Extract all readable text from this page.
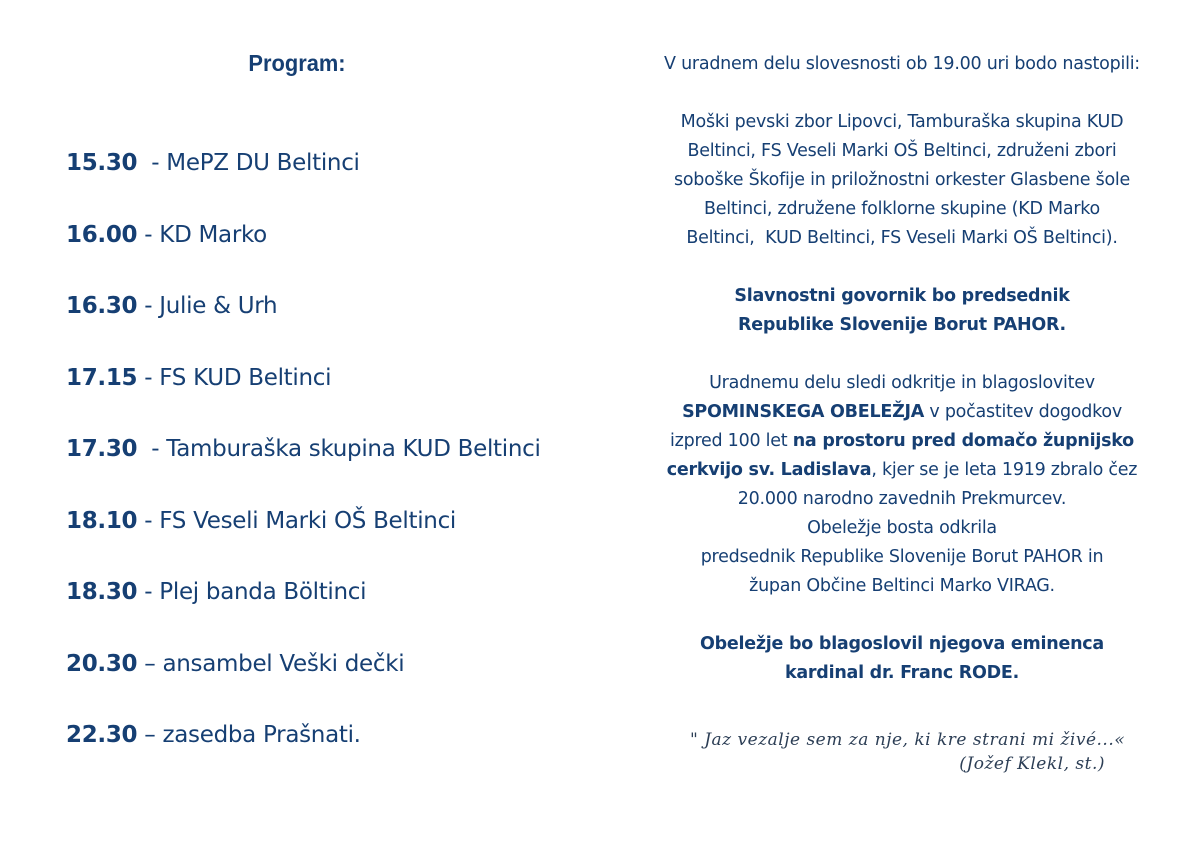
Program:
15.30  - MePZ DU Beltinci
16.00 - KD Marko
16.30 - Julie & Urh
17.15 - FS KUD Beltinci
17.30  - Tamburaška skupina KUD Beltinci
18.10 - FS Veseli Marki OŠ Beltinci
18.30 - Plej banda Böltinci
20.30 – ansambel Veški dečki
22.30 – zasedba Prašnati.

V uradnem delu slovesnosti ob 19.00 uri bodo nastopili:

Moški pevski zbor Lipovci, Tamburaška skupina KUD

Beltinci, FS Veseli Marki OŠ Beltinci, združeni zbori

soboške Škofije in priložnostni orkester Glasbene šole

Beltinci, združene folklorne skupine (KD Marko

Beltinci,  KUD Beltinci, FS Veseli Marki OŠ Beltinci).

Slavnostni govornik bo predsednik

Republike Slovenije Borut PAHOR.

Uradnemu delu sledi odkritje in blagoslovitev

SPOMINSKEGA OBELEŽJA v počastitev dogodkov

izpred 100 let na prostoru pred domačo župnijsko

cerkvijo sv. Ladislava, kjer se je leta 1919 zbralo čez

20.000 narodno zavednih Prekmurcev.

Obeležje bosta odkrila

predsednik Republike Slovenije Borut PAHOR in

župan Občine Beltinci Marko VIRAG.

Obeležje bo blagoslovil njegova eminenca

kardinal dr. Franc RODE.

" Jaz vezalje sem za nje, ki kre strani mi živé...«
(Jožef Klekl, st.)
